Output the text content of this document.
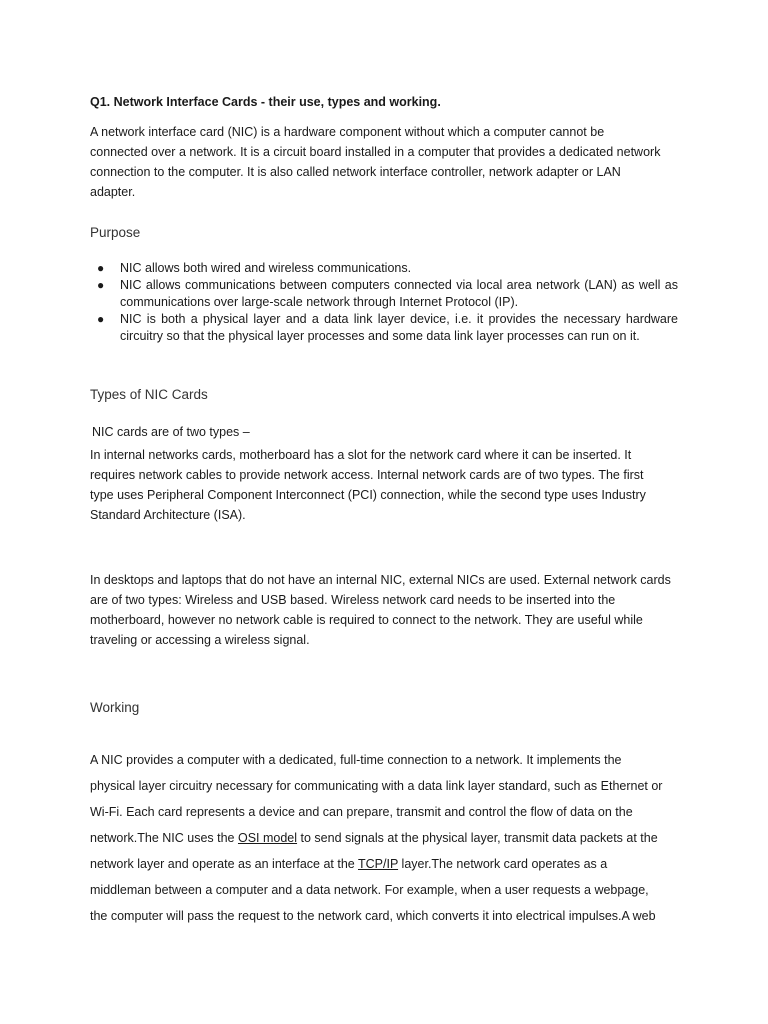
Q1. Network Interface Cards - their use, types and working.

A network interface card (NIC) is a hardware component without which a computer cannot be
connected over a network. It is a circuit board installed in a computer that provides a dedicated network
connection to the computer. It is also called network interface controller, network adapter or LAN
adapter.

Purpose
● NIC allows both wired and wireless communications.
● NIC allows communications between computers connected via local area network (LAN) as well as communications over large-scale network through Internet Protocol (IP).
● NIC is both a physical layer and a data link layer device, i.e. it provides the necessary hardware circuitry so that the physical layer processes and some data link layer processes can run on it.
Types of NIC Cards
NIC cards are of two types –

In internal networks cards, motherboard has a slot for the network card where it can be inserted. It
requires network cables to provide network access. Internal network cards are of two types. The first
type uses Peripheral Component Interconnect (PCI) connection, while the second type uses Industry
Standard Architecture (ISA).

In desktops and laptops that do not have an internal NIC, external NICs are used. External network cards
are of two types: Wireless and USB based. Wireless network card needs to be inserted into the
motherboard, however no network cable is required to connect to the network. They are useful while
traveling or accessing a wireless signal.

Working

A NIC provides a computer with a dedicated, full-time connection to a network. It implements the
physical layer circuitry necessary for communicating with a data link layer standard, such as Ethernet or
Wi-Fi. Each card represents a device and can prepare, transmit and control the flow of data on the
network.The NIC uses the OSI model to send signals at the physical layer, transmit data packets at the
network layer and operate as an interface at the TCP/IP layer.The network card operates as a
middleman between a computer and a data network. For example, when a user requests a webpage,
the computer will pass the request to the network card, which converts it into electrical impulses.A web
